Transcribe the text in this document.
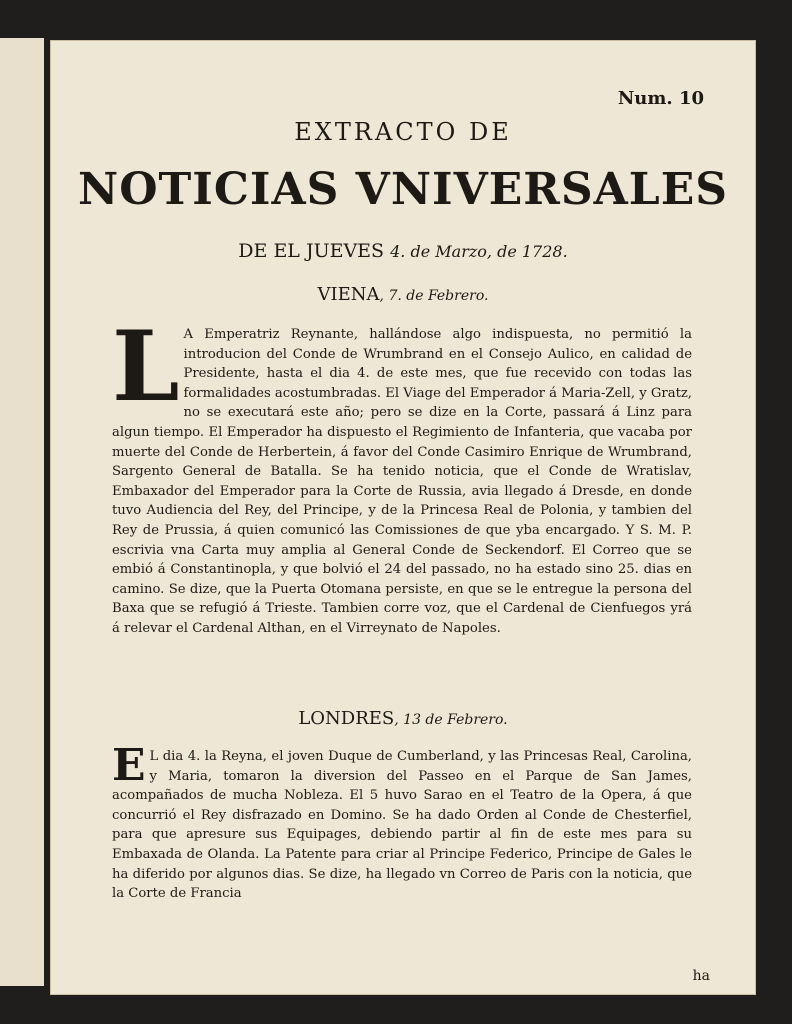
Num. 10
EXTRACTO DE
NOTICIAS VNIVERSALES
DE EL JUEVES 4. de Marzo, de 1728.
VIENA, 7. de Febrero.

L A Emperatriz Reynante, hallándose algo indispuesta, no permitió la introducion del Conde de Wrumbrand en el Consejo Aulico, en calidad de Presidente, hasta el dia 4. de este mes, que fue recevido con todas las formalidades acostumbradas. El Viage del Emperador á Maria-Zell, y Gratz, no se executará este año; pero se dize en la Corte, passará á Linz para algun tiempo. El Emperador ha dispuesto el Regimiento de Infanteria, que vacaba por muerte del Conde de Herbertein, á favor del Conde Casimiro Enrique de Wrumbrand, Sargento General de Batalla. Se ha tenido noticia, que el Conde de Wratislav, Embaxador del Emperador para la Corte de Russia, avia llegado á Dresde, en donde tuvo Audiencia del Rey, del Principe, y de la Princesa Real de Polonia, y tambien del Rey de Prussia, á quien comunicó las Comissiones de que yba encargado. Y S. M. P. escrivia vna Carta muy amplia al General Conde de Seckendorf. El Correo que se embió á Constantinopla, y que bolvió el 24 del passado, no ha estado sino 25. dias en camino. Se dize, que la Puerta Otomana persiste, en que se le entregue la persona del Baxa que se refugió á Trieste. Tambien corre voz, que el Cardenal de Cienfuegos yrá á relevar el Cardenal Althan, en el Virreynato de Napoles.

LONDRES, 13 de Febrero.

E L dia 4. la Reyna, el joven Duque de Cumberland, y las Princesas Real, Carolina, y Maria, tomaron la diversion del Passeo en el Parque de San James, acompañados de mucha Nobleza. El 5 huvo Sarao en el Teatro de la Opera, á que concurrió el Rey disfrazado en Domino. Se ha dado Orden al Conde de Chesterfiel, para que apresure sus Equipages, debiendo partir al fin de este mes para su Embaxada de Olanda. La Patente para criar al Principe Federico, Principe de Gales le ha diferido por algunos dias. Se dize, ha llegado vn Correo de Paris con la noticia, que la Corte de Francia

ha
